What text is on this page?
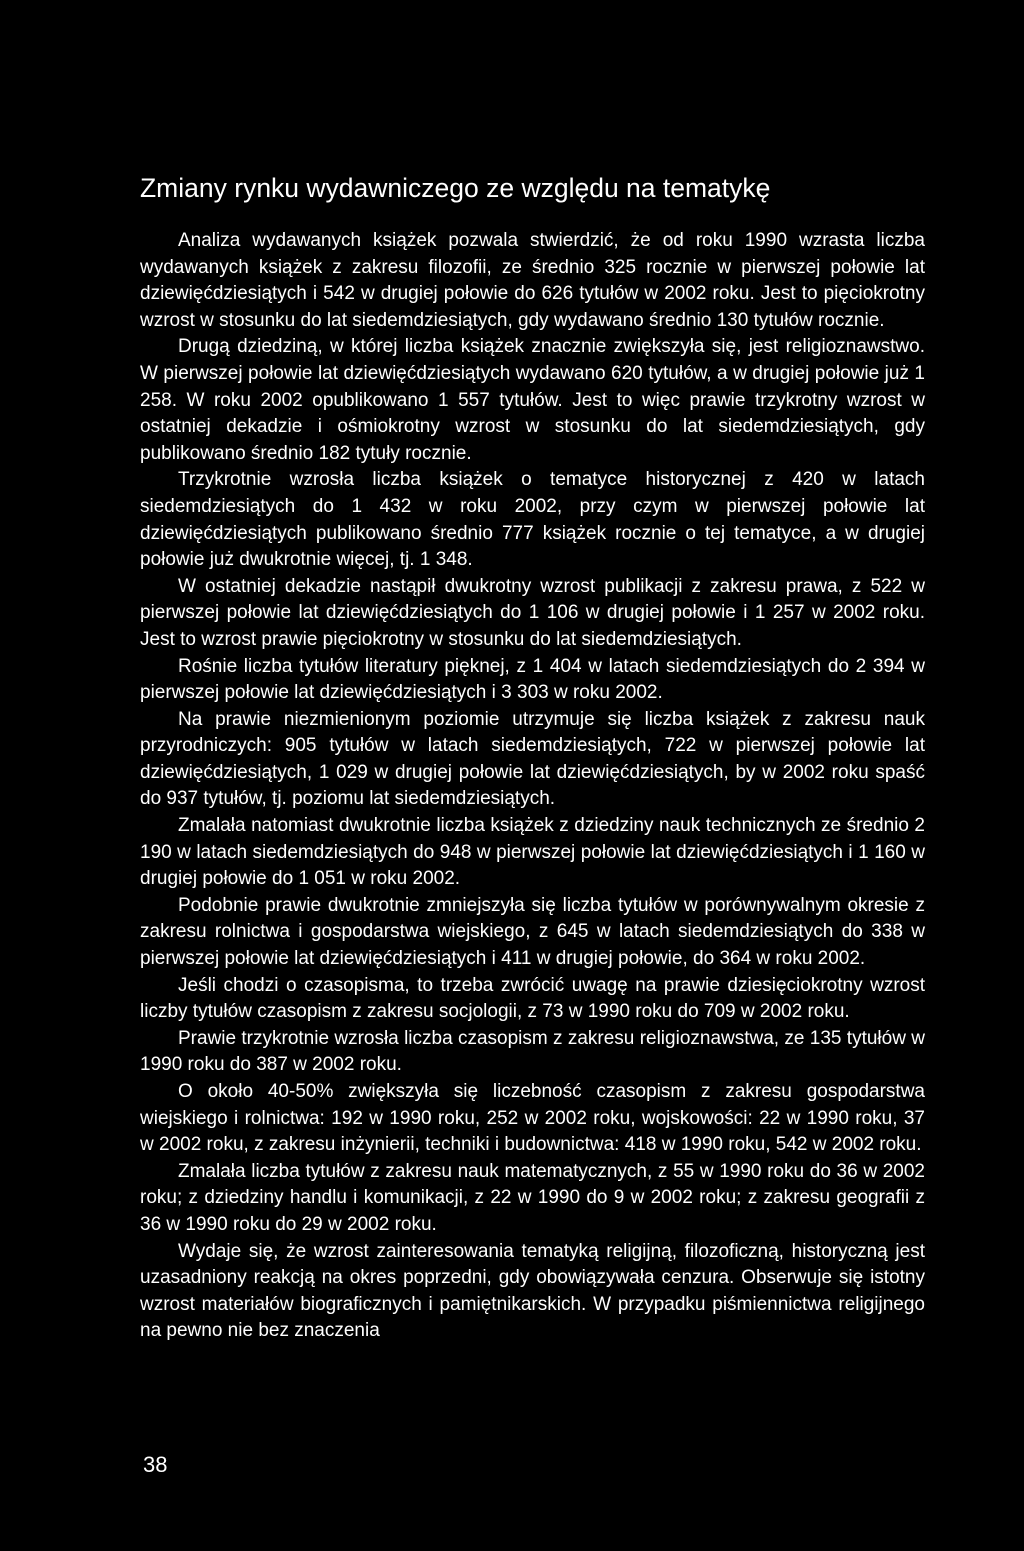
Zmiany rynku wydawniczego ze względu na tematykę

Analiza wydawanych książek pozwala stwierdzić, że od roku 1990 wzrasta liczba wydawanych książek z zakresu filozofii, ze średnio 325 rocznie w pierwszej połowie lat dziewięćdziesiątych i 542 w drugiej połowie do 626 tytułów w 2002 roku. Jest to pięciokrotny wzrost w stosunku do lat siedemdziesiątych, gdy wydawano średnio 130 tytułów rocznie.

Drugą dziedziną, w której liczba książek znacznie zwiększyła się, jest religioznawstwo. W pierwszej połowie lat dziewięćdziesiątych wydawano 620 tytułów, a w drugiej połowie już 1 258. W roku 2002 opublikowano 1 557 tytułów. Jest to więc prawie trzykrotny wzrost w ostatniej dekadzie i ośmiokrotny wzrost w stosunku do lat siedemdziesiątych, gdy publikowano średnio 182 tytuły rocznie.

Trzykrotnie wzrosła liczba książek o tematyce historycznej z 420 w latach siedemdziesiątych do 1 432 w roku 2002, przy czym w pierwszej połowie lat dziewięćdziesiątych publikowano średnio 777 książek rocznie o tej tematyce, a w drugiej połowie już dwukrotnie więcej, tj. 1 348.

W ostatniej dekadzie nastąpił dwukrotny wzrost publikacji z zakresu prawa, z 522 w pierwszej połowie lat dziewięćdziesiątych do 1 106 w drugiej połowie i 1 257 w 2002 roku. Jest to wzrost prawie pięciokrotny w stosunku do lat siedemdziesiątych.

Rośnie liczba tytułów literatury pięknej, z 1 404 w latach siedemdziesiątych do 2 394 w pierwszej połowie lat dziewięćdziesiątych i 3 303 w roku 2002.

Na prawie niezmienionym poziomie utrzymuje się liczba książek z zakresu nauk przyrodniczych: 905 tytułów w latach siedemdziesiątych, 722 w pierwszej połowie lat dziewięćdziesiątych, 1 029 w drugiej połowie lat dziewięćdziesiątych, by w 2002 roku spaść do 937 tytułów, tj. poziomu lat siedemdziesiątych.

Zmalała natomiast dwukrotnie liczba książek z dziedziny nauk technicznych ze średnio 2 190 w latach siedemdziesiątych do 948 w pierwszej połowie lat dziewięćdziesiątych i 1 160 w drugiej połowie do 1 051 w roku 2002.

Podobnie prawie dwukrotnie zmniejszyła się liczba tytułów w porównywalnym okresie z zakresu rolnictwa i gospodarstwa wiejskiego, z 645 w latach siedemdziesiątych do 338 w pierwszej połowie lat dziewięćdziesiątych i 411 w drugiej połowie, do 364 w roku 2002.

Jeśli chodzi o czasopisma, to trzeba zwrócić uwagę na prawie dziesięciokrotny wzrost liczby tytułów czasopism z zakresu socjologii, z 73 w 1990 roku do 709 w 2002 roku.

Prawie trzykrotnie wzrosła liczba czasopism z zakresu religioznawstwa, ze 135 tytułów w 1990 roku do 387 w 2002 roku.

O około 40-50% zwiększyła się liczebność czasopism z zakresu gospodarstwa wiejskiego i rolnictwa: 192 w 1990 roku, 252 w 2002 roku, wojskowości: 22 w 1990 roku, 37 w 2002 roku, z zakresu inżynierii, techniki i budownictwa: 418 w 1990 roku, 542 w 2002 roku.

Zmalała liczba tytułów z zakresu nauk matematycznych, z 55 w 1990 roku do 36 w 2002 roku; z dziedziny handlu i komunikacji, z 22 w 1990 do 9 w 2002 roku; z zakresu geografii z 36 w 1990 roku do 29 w 2002 roku.

Wydaje się, że wzrost zainteresowania tematyką religijną, filozoficzną, historyczną jest uzasadniony reakcją na okres poprzedni, gdy obowiązywała cenzura. Obserwuje się istotny wzrost materiałów biograficznych i pamiętnikarskich. W przypadku piśmiennictwa religijnego na pewno nie bez znaczenia

38
